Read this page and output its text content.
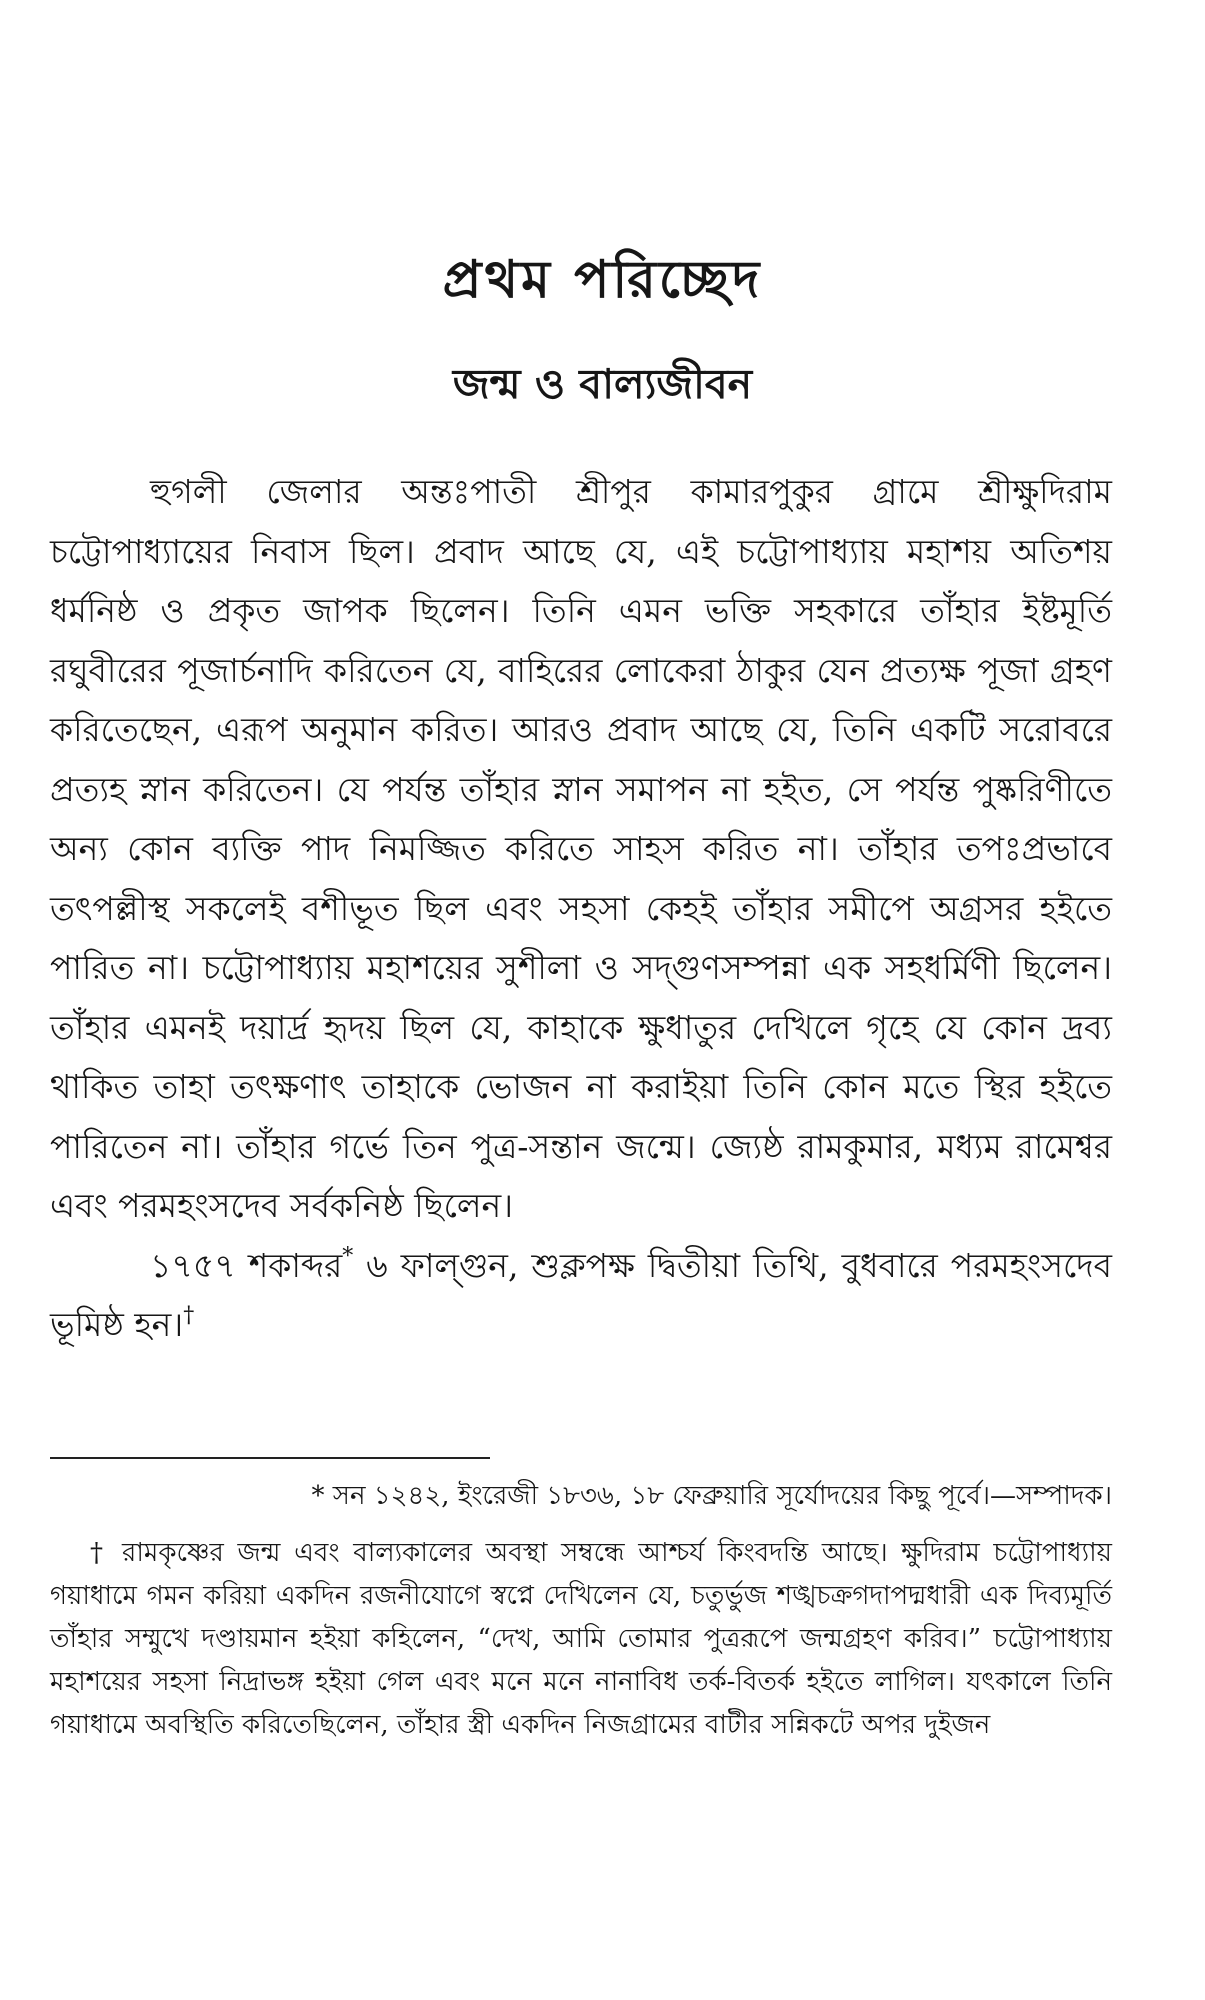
প্রথম পরিচ্ছেদ
জন্ম ও বাল্যজীবন

হুগলী জেলার অন্তঃপাতী শ্রীপুর কামারপুকুর গ্রামে শ্রীক্ষুদিরাম চট্টোপাধ্যায়ের নিবাস ছিল। প্রবাদ আছে যে, এই চট্টোপাধ্যায় মহাশয় অতিশয় ধর্মনিষ্ঠ ও প্রকৃত জাপক ছিলেন। তিনি এমন ভক্তি সহকারে তাঁহার ইষ্টমূর্তি রঘুবীরের পূজার্চনাদি করিতেন যে, বাহিরের লোকেরা ঠাকুর যেন প্রত্যক্ষ পূজা গ্রহণ করিতেছেন, এরূপ অনুমান করিত। আরও প্রবাদ আছে যে, তিনি একটি সরোবরে প্রত্যহ স্নান করিতেন। যে পর্যন্ত তাঁহার স্নান সমাপন না হইত, সে পর্যন্ত পুষ্করিণীতে অন্য কোন ব্যক্তি পাদ নিমজ্জিত করিতে সাহস করিত না। তাঁহার তপঃপ্রভাবে তৎপল্লীস্থ সকলেই বশীভূত ছিল এবং সহসা কেহই তাঁহার সমীপে অগ্রসর হইতে পারিত না। চট্টোপাধ্যায় মহাশয়ের সুশীলা ও সদ্গুণসম্পন্না এক সহধর্মিণী ছিলেন। তাঁহার এমনই দয়ার্দ্র হৃদয় ছিল যে, কাহাকে ক্ষুধাতুর দেখিলে গৃহে যে কোন দ্রব্য থাকিত তাহা তৎক্ষণাৎ তাহাকে ভোজন না করাইয়া তিনি কোন মতে স্থির হইতে পারিতেন না। তাঁহার গর্ভে তিন পুত্র-সন্তান জন্মে। জ্যেষ্ঠ রামকুমার, মধ্যম রামেশ্বর এবং পরমহংসদেব সর্বকনিষ্ঠ ছিলেন।

১৭৫৭ শকাব্দর* ৬ ফাল্গুন, শুক্লপক্ষ দ্বিতীয়া তিথি, বুধবারে পরমহংসদেব ভূমিষ্ঠ হন।†

* সন ১২৪২, ইংরেজী ১৮৩৬, ১৮ ফেব্রুয়ারি সূর্যোদয়ের কিছু পূর্বে।—সম্পাদক।

† রামকৃষ্ণের জন্ম এবং বাল্যকালের অবস্থা সম্বন্ধে আশ্চর্য কিংবদন্তি আছে। ক্ষুদিরাম চট্টোপাধ্যায় গয়াধামে গমন করিয়া একদিন রজনীযোগে স্বপ্নে দেখিলেন যে, চতুর্ভুজ শঙ্খচক্রগদাপদ্মধারী এক দিব্যমূর্তি তাঁহার সম্মুখে দণ্ডায়মান হইয়া কহিলেন, “দেখ, আমি তোমার পুত্ররূপে জন্মগ্রহণ করিব।” চট্টোপাধ্যায় মহাশয়ের সহসা নিদ্রাভঙ্গ হইয়া গেল এবং মনে মনে নানাবিধ তর্ক-বিতর্ক হইতে লাগিল। যৎকালে তিনি গয়াধামে অবস্থিতি করিতেছিলেন, তাঁহার স্ত্রী একদিন নিজগ্রামের বাটীর সন্নিকটে অপর দুইজন
